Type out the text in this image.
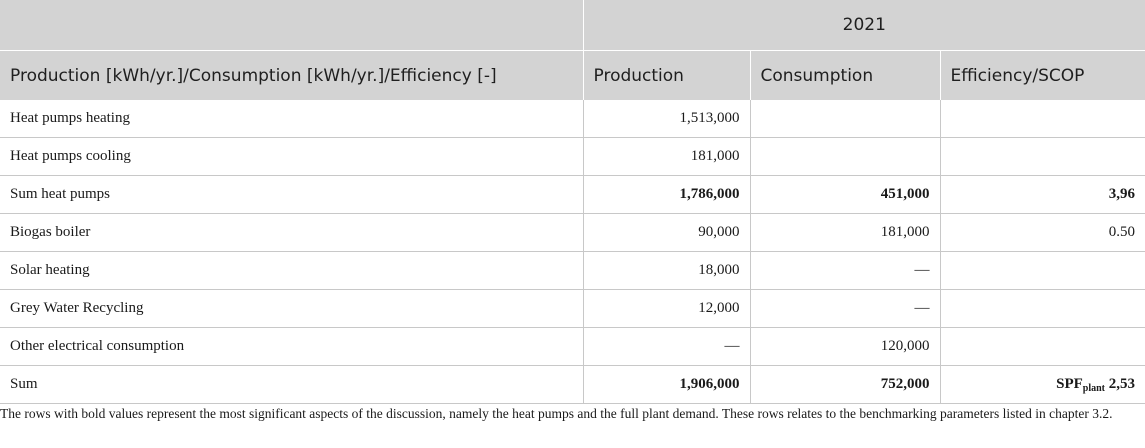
	2021		
Production [kWh/yr.]/Consumption [kWh/yr.]/Efficiency [-]	Production	Consumption	Efficiency/SCOP
Heat pumps heating	1,513,000		
Heat pumps cooling	181,000		
Sum heat pumps	1,786,000	451,000	3,96
Biogas boiler	90,000	181,000	0.50
Solar heating	18,000	—	
Grey Water Recycling	12,000	—	
Other electrical consumption	—	120,000	
Sum	1,906,000	752,000	$SPF_{plant}$ 2,53
The rows with bold values represent the most significant aspects of the discussion, namely the heat pumps and the full plant demand. These rows relates to the benchmarking parameters listed in chapter 3.2.
